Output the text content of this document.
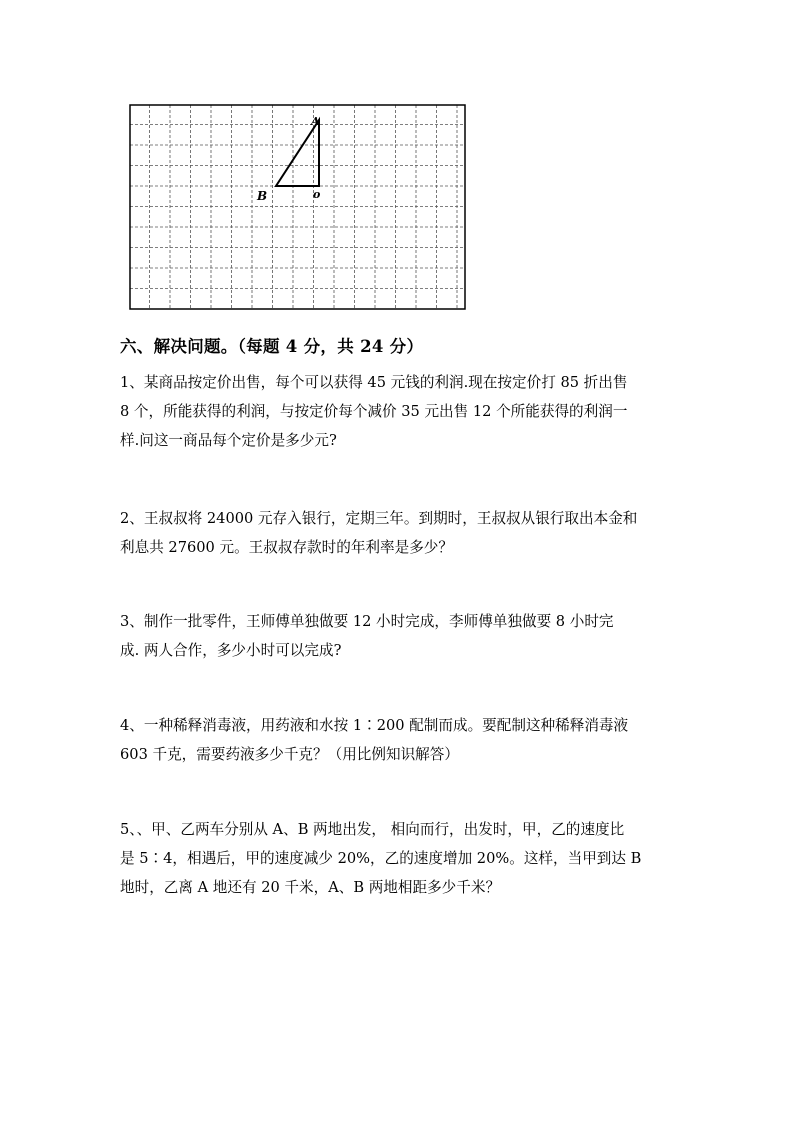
A
B	o
六、解决问题。（每题 4 分，共 24 分）
1、某商品按定价出售，每个可以获得 45 元钱的利润.现在按定价打 85 折出售
8 个，所能获得的利润，与按定价每个减价 35 元出售 12 个所能获得的利润一
样.问这一商品每个定价是多少元?
2、王叔叔将 24000 元存入银行，定期三年。到期时，王叔叔从银行取出本金和
利息共 27600 元。王叔叔存款时的年利率是多少？
3、制作一批零件，王师傅单独做要 12 小时完成，李师傅单独做要 8 小时完
成. 两人合作，多少小时可以完成?
4、一种稀释消毒液，用药液和水按 1∶200 配制而成。要配制这种稀释消毒液
603 千克，需要药液多少千克？（用比例知识解答）
5、、甲、乙两车分别从 A、B 两地出发， 相向而行，出发时，甲，乙的速度比
是 5∶4，相遇后，甲的速度减少 20%，乙的速度增加 20%。这样，当甲到达 B
地时，乙离 A 地还有 20 千米，A、B 两地相距多少千米？
